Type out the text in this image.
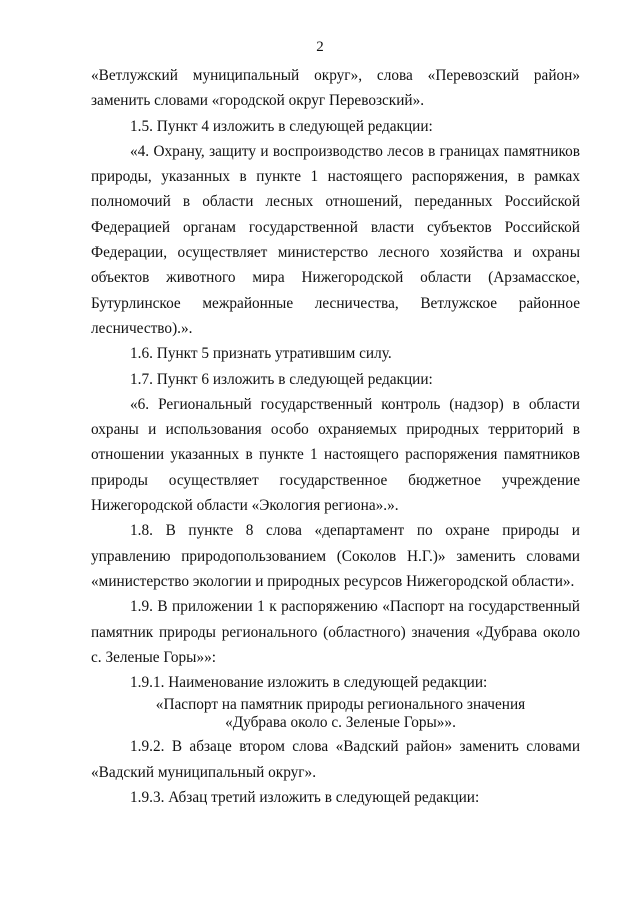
2

«Ветлужский муниципальный округ», слова «Перевозский район» заменить словами «городской округ Перевозский».

1.5. Пункт 4 изложить в следующей редакции:

«4. Охрану, защиту и воспроизводство лесов в границах памятников природы, указанных в пункте 1 настоящего распоряжения, в рамках полномочий в области лесных отношений, переданных Российской Федерацией органам государственной власти субъектов Российской Федерации, осуществляет министерство лесного хозяйства и охраны объектов животного мира Нижегородской области (Арзамасское, Бутурлинское межрайонные лесничества, Ветлужское районное лесничество).».

1.6. Пункт 5 признать утратившим силу.

1.7. Пункт 6 изложить в следующей редакции:

«6. Региональный государственный контроль (надзор) в области охраны и использования особо охраняемых природных территорий в отношении указанных в пункте 1 настоящего распоряжения памятников природы осуществляет государственное бюджетное учреждение Нижегородской области «Экология региона».».

1.8. В пункте 8 слова «департамент по охране природы и управлению природопользованием (Соколов Н.Г.)» заменить словами «министерство экологии и природных ресурсов Нижегородской области».

1.9. В приложении 1 к распоряжению «Паспорт на государственный памятник природы регионального (областного) значения «Дубрава около с. Зеленые Горы»»:

1.9.1. Наименование изложить в следующей редакции:

«Паспорт на памятник природы регионального значения
«Дубрава около с. Зеленые Горы»».

1.9.2. В абзаце втором слова «Вадский район» заменить словами «Вадский муниципальный округ».

1.9.3. Абзац третий изложить в следующей редакции:
